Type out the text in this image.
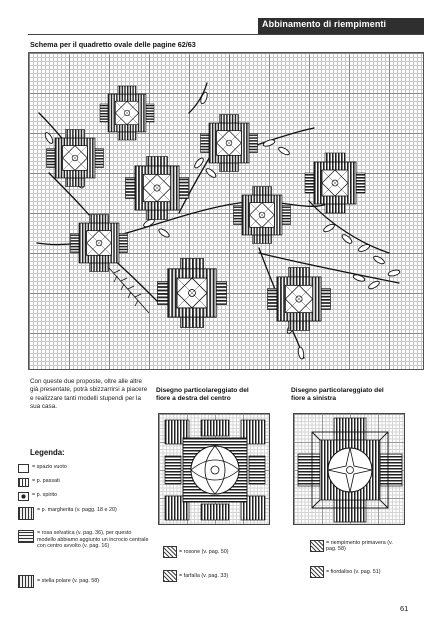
Abbinamento di riempimenti
Schema per il quadretto ovale delle pagine 62/63
Con queste due proposte, oltre alle altre già presentate, potrà sbizzarrirsi a piacere e realizzare tanti modelli stupendi per la sua casa.
Disegno particolareggiato del
fiore a destra del centro
Disegno particolareggiato del
fiore a sinistra
Legenda:
= spazio vuoto
= p. passati
= p. spirito
= p. margherita (v. pagg. 18 e 20)
= rosa selvatica (v. pag. 36), per questo modello abbiamo aggiunto un incrocio centrale con centro avvolto (v. pag. 16)
= stella polare (v. pag. 58)
= rosone (v. pag. 50)
= farfalla (v. pag. 33)
= riempimento primavera (v. pag. 58)
= fiordaliso (v. pag. 51)
61
